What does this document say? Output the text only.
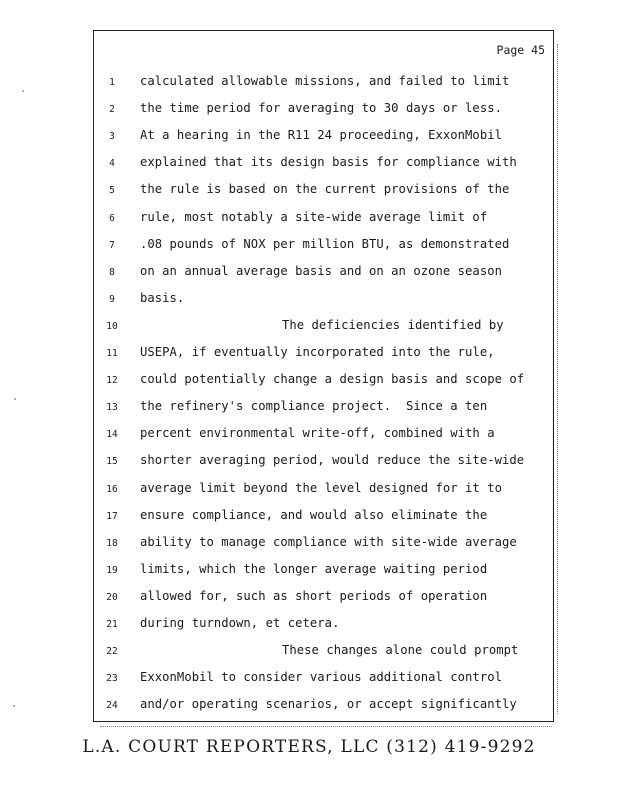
Page 45
1	calculated allowable missions, and failed to limit
2	the time period for averaging to 30 days or less.
3	At a hearing in the R11 24 proceeding, ExxonMobil
4	explained that its design basis for compliance with
5	the rule is based on the current provisions of the
6	rule, most notably a site-wide average limit of
7	.08 pounds of NOX per million BTU, as demonstrated
8	on an annual average basis and on an ozone season
9	basis.
10	The deficiencies identified by
11	USEPA, if eventually incorporated into the rule,
12	could potentially change a design basis and scope of
13	the refinery's compliance project.  Since a ten
14	percent environmental write-off, combined with a
15	shorter averaging period, would reduce the site-wide
16	average limit beyond the level designed for it to
17	ensure compliance, and would also eliminate the
18	ability to manage compliance with site-wide average
19	limits, which the longer average waiting period
20	allowed for, such as short periods of operation
21	during turndown, et cetera.
22	These changes alone could prompt
23	ExxonMobil to consider various additional control
24	and/or operating scenarios, or accept significantly
L.A. COURT REPORTERS, LLC (312) 419-9292
